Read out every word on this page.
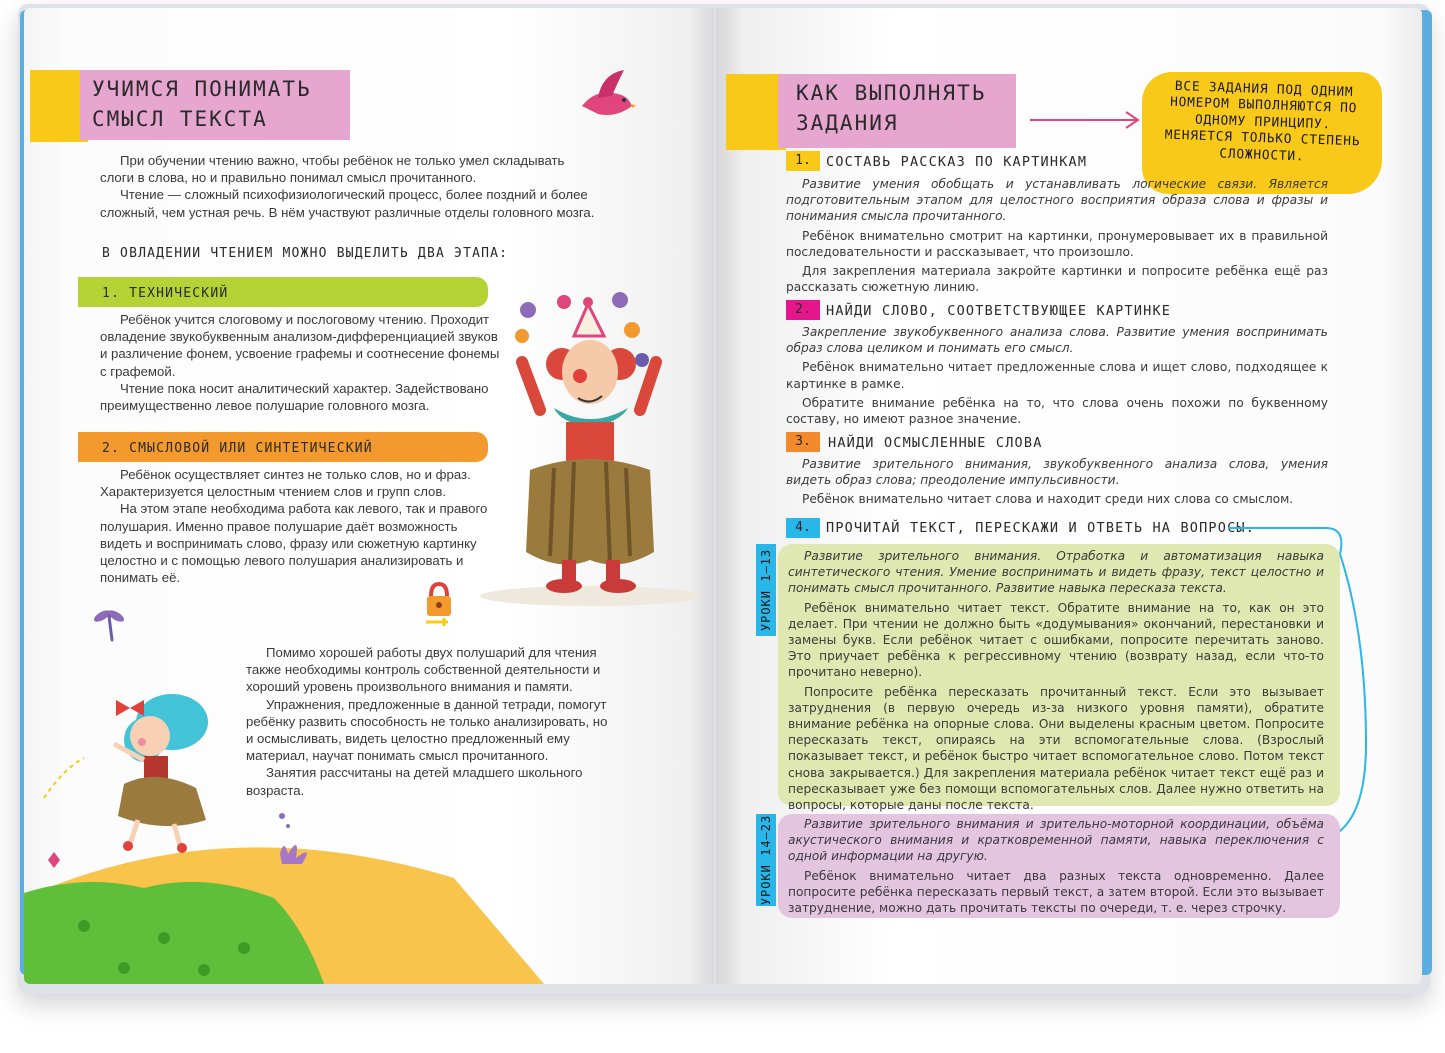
УЧИМСЯ ПОНИМАТЬ
СМЫСЛ ТЕКСТА

При обучении чтению важно, чтобы ребёнок не только умел складывать слоги в слова, но и правильно понимал смысл прочитанного.

Чтение — сложный психофизиологический процесс, более поздний и более сложный, чем устная речь. В нём участвуют различные отделы головного мозга.

В ОВЛАДЕНИИ ЧТЕНИЕМ МОЖНО ВЫДЕЛИТЬ ДВА ЭТАПА:
1. ТЕХНИЧЕСКИЙ

Ребёнок учится слоговому и послоговому чтению. Проходит овладение звукобуквенным анализом-дифференциацией звуков и различение фонем, усвоение графемы и соотнесение фонемы с графемой.

Чтение пока носит аналитический характер. Задействовано преимущественно левое полушарие головного мозга.

2. СМЫСЛОВОЙ ИЛИ СИНТЕТИЧЕСКИЙ

Ребёнок осуществляет синтез не только слов, но и фраз. Характеризуется целостным чтением слов и групп слов.

На этом этапе необходима работа как левого, так и правого полушария. Именно правое полушарие даёт возможность видеть и воспринимать слово, фразу или сюжетную картинку целостно и с помощью левого полушария анализировать и понимать её.

Помимо хорошей работы двух полушарий для чтения также необходимы контроль собственной деятельности и хороший уровень произвольного внимания и памяти.

Упражнения, предложенные в данной тетради, помогут ребёнку развить способность не только анализировать, но и осмысливать, видеть целостно предложенный ему материал, научат понимать смысл прочитанного.

Занятия рассчитаны на детей младшего школьного возраста.

КАК ВЫПОЛНЯТЬ
ЗАДАНИЯ
ВСЕ ЗАДАНИЯ ПОД ОДНИМ НОМЕРОМ ВЫПОЛНЯЮТСЯ ПО ОДНОМУ ПРИНЦИПУ. МЕНЯЕТСЯ ТОЛЬКО СТЕПЕНЬ СЛОЖНОСТИ.
1.	СОСТАВЬ РАССКАЗ ПО КАРТИНКАМ

Развитие умения обобщать и устанавливать логические связи. Является подготовительным этапом для целостного восприятия образа слова и фразы и понимания смысла прочитанного.

Ребёнок внимательно смотрит на картинки, пронумеровывает их в правильной последовательности и рассказывает, что произошло.

Для закрепления материала закройте картинки и попросите ребёнка ещё раз рассказать сюжетную линию.

2.	НАЙДИ СЛОВО, СООТВЕТСТВУЮЩЕЕ КАРТИНКЕ

Закрепление звукобуквенного анализа слова. Развитие умения воспринимать образ слова целиком и понимать его смысл.

Ребёнок внимательно читает предложенные слова и ищет слово, подходящее к картинке в рамке.

Обратите внимание ребёнка на то, что слова очень похожи по буквенному составу, но имеют разное значение.

3.	НАЙДИ ОСМЫСЛЕННЫЕ СЛОВА

Развитие зрительного внимания, звукобуквенного анализа слова, умения видеть образ слова; преодоление импульсивности.

Ребёнок внимательно читает слова и находит среди них слова со смыслом.

4.	ПРОЧИТАЙ ТЕКСТ, ПЕРЕСКАЖИ И ОТВЕТЬ НА ВОПРОСЫ.
УРОКИ 1–13	Развитие зрительного внимания. Отработка и автоматизация навыка синтетического чтения. Умение воспринимать и видеть фразу, текст целостно и понимать смысл прочитанного. Развитие навыка пересказа текста.

Ребёнок внимательно читает текст. Обратите внимание на то, как он это делает. При чтении не должно быть «додумывания» окончаний, перестановки и замены букв. Если ребёнок читает с ошибками, попросите перечитать заново. Это приучает ребёнка к регрессивному чтению (возврату назад, если что-то прочитано неверно).

Попросите ребёнка пересказать прочитанный текст. Если это вызывает затруднения (в первую очередь из-за низкого уровня памяти), обратите внимание ребёнка на опорные слова. Они выделены красным цветом. Попросите пересказать текст, опираясь на эти вспомогательные слова. (Взрослый показывает текст, и ребёнок быстро читает вспомогательное слово. Потом текст снова закрывается.) Для закрепления материала ребёнок читает текст ещё раз и пересказывает уже без помощи вспомогательных слов. Далее нужно ответить на вопросы, которые даны после текста.

УРОКИ 14–23	Развитие зрительного внимания и зрительно-моторной координации, объёма акустического внимания и кратковременной памяти, навыка переключения с одной информации на другую.

Ребёнок внимательно читает два разных текста одновременно. Далее попросите ребёнка пересказать первый текст, а затем второй. Если это вызывает затруднение, можно дать прочитать тексты по очереди, т. е. через строчку.
